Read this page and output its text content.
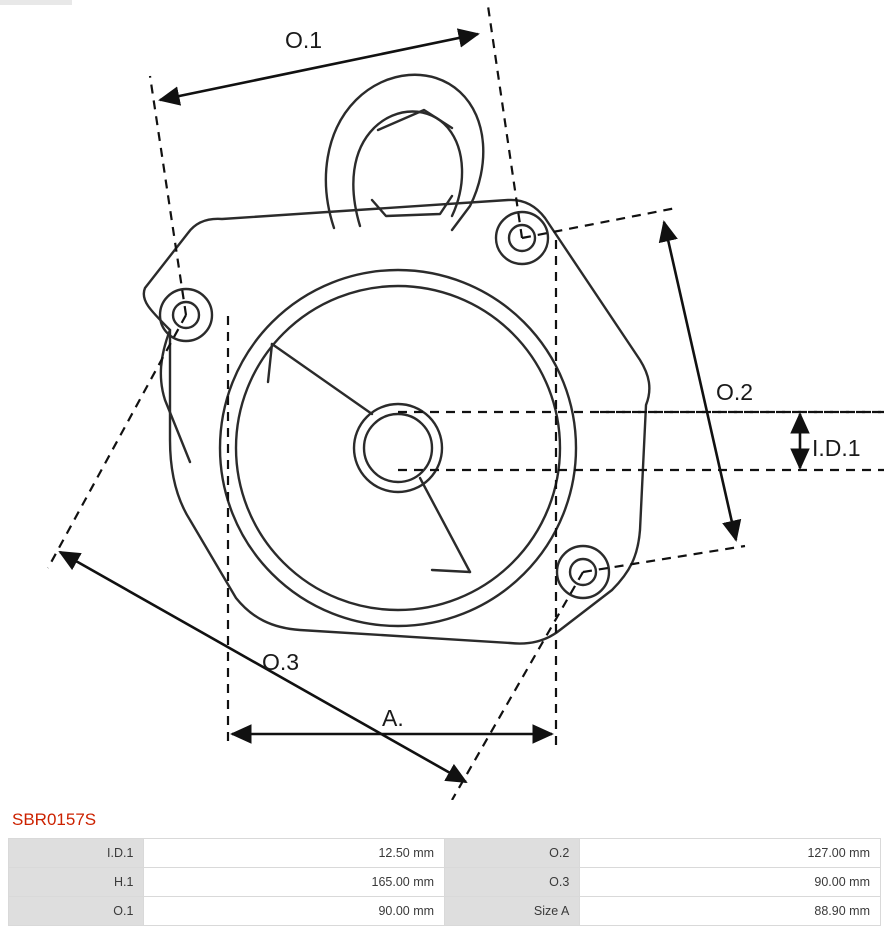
O.1
O.2
O.3
I.D.1
A.
SBR0157S
I.D.1	12.50 mm	O.2	127.00 mm
H.1	165.00 mm	O.3	90.00 mm
O.1	90.00 mm	Size A	88.90 mm
